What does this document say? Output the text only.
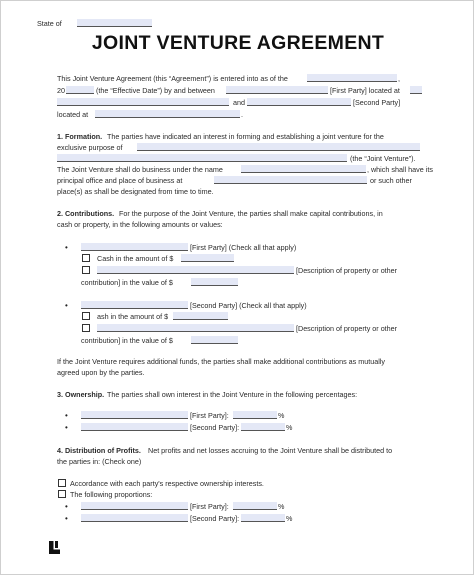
State of
JOINT VENTURE AGREEMENT
This Joint Venture Agreement (this “Agreement”) is entered into as of the	,
20	(the “Effective Date”) by and between	[First Party] located at
and	[Second Party]
located at	.
1. Formation. The parties have indicated an interest in forming and establishing a joint venture for the
exclusive purpose of
(the “Joint Venture”).
The Joint Venture shall do business under the name	, which shall have its
principal office and place of business at	or such other
place(s) as shall be designated from time to time.
2. Contributions. For the purpose of the Joint Venture, the parties shall make capital contributions, in
cash or property, in the following amounts or values:
•	[First Party] (Check all that apply)
Cash in the amount of $
[Description of property or other
contribution] in the value of $
•	[Second Party] (Check all that apply)
ash in the amount of $
[Description of property or other
contribution] in the value of $
If the Joint Venture requires additional funds, the parties shall make additional contributions as mutually
agreed upon by the parties.
3. Ownership. The parties shall own interest in the Joint Venture in the following percentages:
•	[First Party]:	%
•	[Second Party]:	%
4. Distribution of Profits. Net profits and net losses accruing to the Joint Venture shall be distributed to
the parties in: (Check one)
Accordance with each party's respective ownership interests.
The following proportions:
•	[First Party]:	%
•	[Second Party]:	%
